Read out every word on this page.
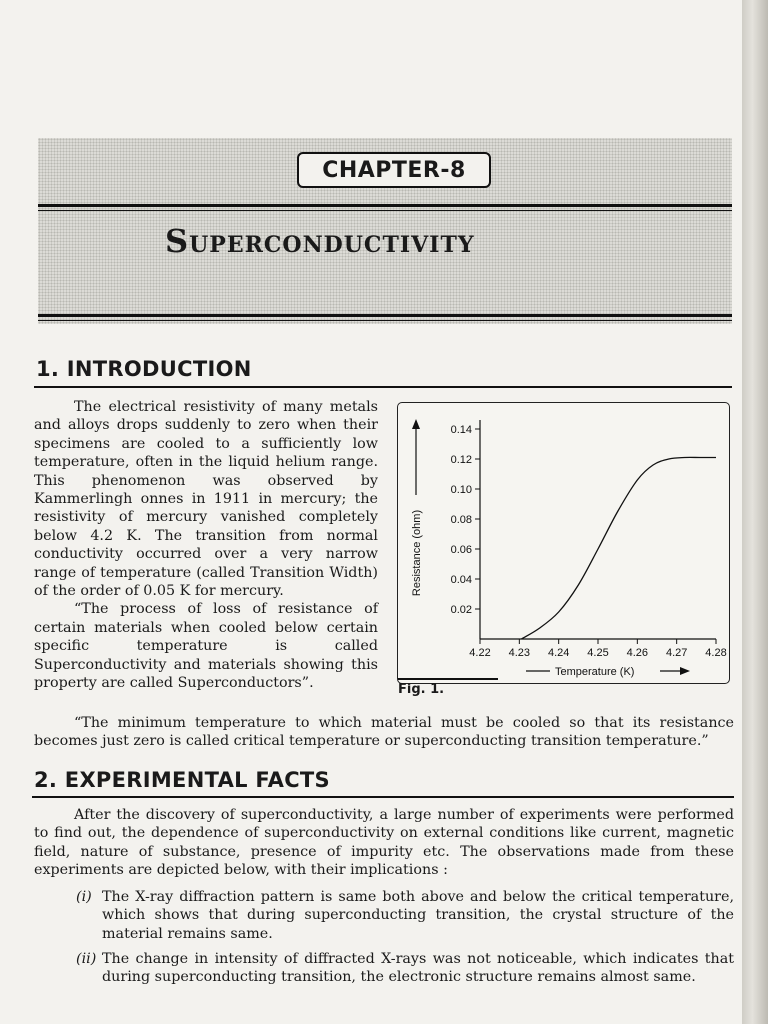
CHAPTER-8
Superconductivity
1. INTRODUCTION

The electrical resistivity of many metals and alloys drops suddenly to zero when their specimens are cooled to a sufficiently low temperature, often in the liquid helium range. This phenomenon was observed by Kammerlingh onnes in 1911 in mercury; the resistivity of mercury vanished completely below 4.2 K. The transition from normal conductivity occurred over a very narrow range of temperature (called Transition Width) of the order of 0.05 K for mercury.

“The process of loss of resistance of certain materials when cooled below certain specific temperature is called Superconductivity and materials showing this property are called Superconductors”.

0.14
0.12
0.10
0.08
0.06
0.04
0.02
4.22 4.23 4.24 4.25 4.26 4.27 4.28
Resistance (ohm)
Temperature (K)
Fig. 1.
“The minimum temperature to which material must be cooled so that its resistance becomes just zero is called critical temperature or superconducting transition temperature.”
2. EXPERIMENTAL FACTS
After the discovery of superconductivity, a large number of experiments were performed to find out, the dependence of superconductivity on external conditions like current, magnetic field, nature of substance, presence of impurity etc. The observations made from these experiments are depicted below, with their implications :
(i) The X-ray diffraction pattern is same both above and below the critical temperature, which shows that during superconducting transition, the crystal structure of the material remains same.
(ii) The change in intensity of diffracted X-rays was not noticeable, which indicates that during superconducting transition, the electronic structure remains almost same.
